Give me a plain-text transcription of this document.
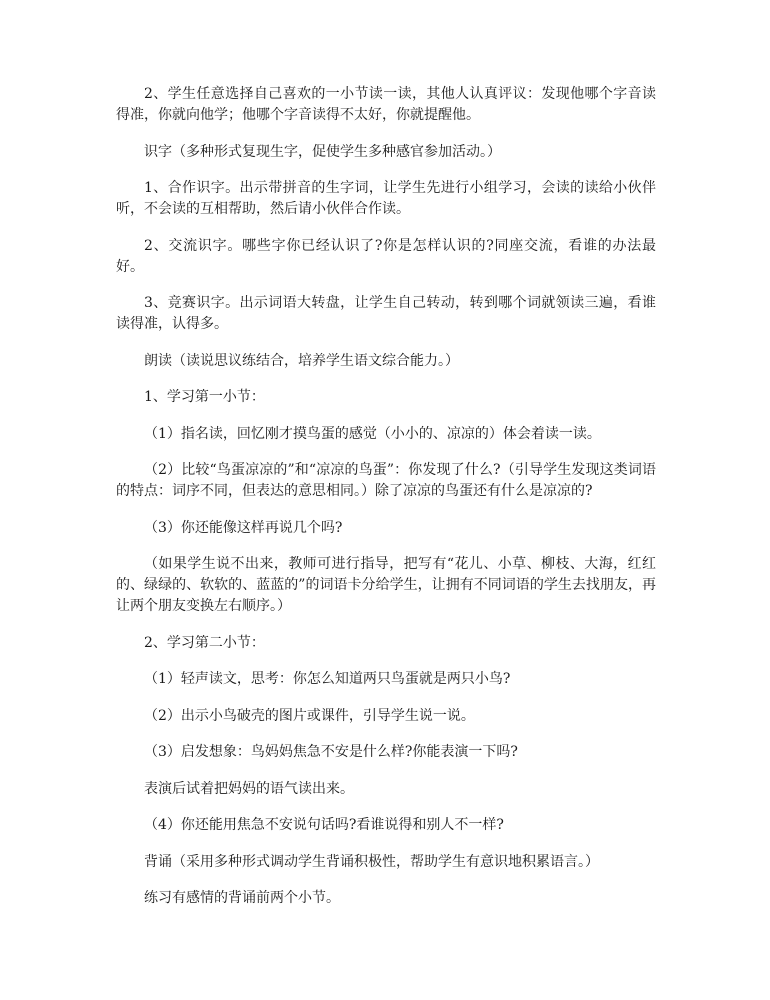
2、学生任意选择自己喜欢的一小节读一读，其他人认真评议：发现他哪个字音读得准，你就向他学；他哪个字音读得不太好，你就提醒他。

识字（多种形式复现生字，促使学生多种感官参加活动。）

1、合作识字。出示带拼音的生字词，让学生先进行小组学习，会读的读给小伙伴听，不会读的互相帮助，然后请小伙伴合作读。

2、交流识字。哪些字你已经认识了?你是怎样认识的?同座交流，看谁的办法最好。

3、竞赛识字。出示词语大转盘，让学生自己转动，转到哪个词就领读三遍，看谁读得准，认得多。

朗读（读说思议练结合，培养学生语文综合能力。）

1、学习第一小节：

（1）指名读，回忆刚才摸鸟蛋的感觉（小小的、凉凉的）体会着读一读。

（2）比较“鸟蛋凉凉的”和“凉凉的鸟蛋”：你发现了什么?（引导学生发现这类词语的特点：词序不同，但表达的意思相同。）除了凉凉的鸟蛋还有什么是凉凉的?

（3）你还能像这样再说几个吗?

（如果学生说不出来，教师可进行指导，把写有“花儿、小草、柳枝、大海，红红的、绿绿的、软软的、蓝蓝的”的词语卡分给学生，让拥有不同词语的学生去找朋友，再让两个朋友变换左右顺序。）

2、学习第二小节：

（1）轻声读文，思考：你怎么知道两只鸟蛋就是两只小鸟?

（2）出示小鸟破壳的图片或课件，引导学生说一说。

（3）启发想象：鸟妈妈焦急不安是什么样?你能表演一下吗?

表演后试着把妈妈的语气读出来。

（4）你还能用焦急不安说句话吗?看谁说得和别人不一样?

背诵（采用多种形式调动学生背诵积极性，帮助学生有意识地积累语言。）

练习有感情的背诵前两个小节。
